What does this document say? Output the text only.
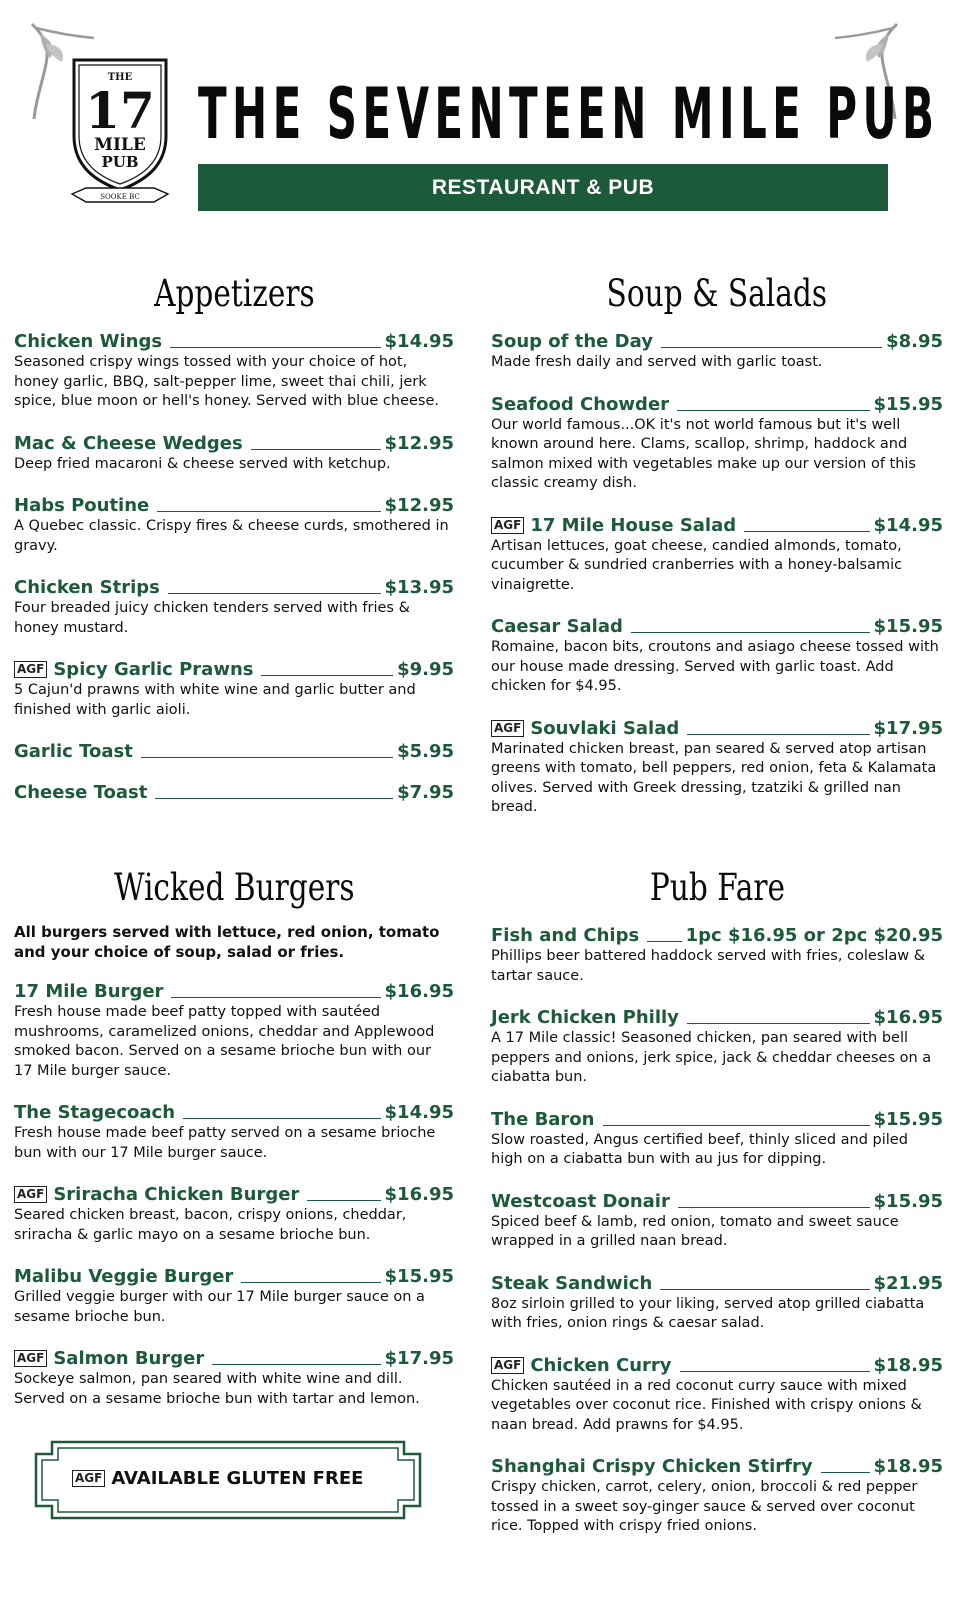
THE
17
MILE
PUB
SOOKE BC
THE SEVENTEEN MILE PUB
RESTAURANT & PUB
Appetizers
Chicken Wings	$14.95
Seasoned crispy wings tossed with your choice of hot, honey garlic, BBQ, salt-pepper lime, sweet thai chili, jerk spice, blue moon or hell's honey. Served with blue cheese.
Mac & Cheese Wedges	$12.95
Deep fried macaroni & cheese served with ketchup.
Habs Poutine	$12.95
A Quebec classic. Crispy fires & cheese curds, smothered in gravy.
Chicken Strips	$13.95
Four breaded juicy chicken tenders served with fries & honey mustard.
AGF Spicy Garlic Prawns	$9.95
5 Cajun'd prawns with white wine and garlic butter and finished with garlic aioli.
Garlic Toast	$5.95
Cheese Toast	$7.95
Soup & Salads
Soup of the Day	$8.95
Made fresh daily and served with garlic toast.
Seafood Chowder	$15.95
Our world famous...OK it's not world famous but it's well known around here. Clams, scallop, shrimp, haddock and salmon mixed with vegetables make up our version of this classic creamy dish.
AGF 17 Mile House Salad	$14.95
Artisan lettuces, goat cheese, candied almonds, tomato, cucumber & sundried cranberries with a honey-balsamic vinaigrette.
Caesar Salad	$15.95
Romaine, bacon bits, croutons and asiago cheese tossed with our house made dressing. Served with garlic toast. Add chicken for $4.95.
AGF Souvlaki Salad	$17.95
Marinated chicken breast, pan seared & served atop artisan greens with tomato, bell peppers, red onion, feta & Kalamata olives. Served with Greek dressing, tzatziki & grilled nan bread.
Wicked Burgers
All burgers served with lettuce, red onion, tomato and your choice of soup, salad or fries.
17 Mile Burger	$16.95
Fresh house made beef patty topped with sautéed mushrooms, caramelized onions, cheddar and Applewood smoked bacon. Served on a sesame brioche bun with our 17 Mile burger sauce.
The Stagecoach	$14.95
Fresh house made beef patty served on a sesame brioche bun with our 17 Mile burger sauce.
AGF Sriracha Chicken Burger	$16.95
Seared chicken breast, bacon, crispy onions, cheddar, sriracha & garlic mayo on a sesame brioche bun.
Malibu Veggie Burger	$15.95
Grilled veggie burger with our 17 Mile burger sauce on a sesame brioche bun.
AGF Salmon Burger	$17.95
Sockeye salmon, pan seared with white wine and dill. Served on a sesame brioche bun with tartar and lemon.
Pub Fare
Fish and Chips	1pc $16.95 or 2pc $20.95
Phillips beer battered haddock served with fries, coleslaw & tartar sauce.
Jerk Chicken Philly	$16.95
A 17 Mile classic! Seasoned chicken, pan seared with bell peppers and onions, jerk spice, jack & cheddar cheeses on a ciabatta bun.
The Baron	$15.95
Slow roasted, Angus certified beef, thinly sliced and piled high on a ciabatta bun with au jus for dipping.
Westcoast Donair	$15.95
Spiced beef & lamb, red onion, tomato and sweet sauce wrapped in a grilled naan bread.
Steak Sandwich	$21.95
8oz sirloin grilled to your liking, served atop grilled ciabatta with fries, onion rings & caesar salad.
AGF Chicken Curry	$18.95
Chicken sautéed in a red coconut curry sauce with mixed vegetables over coconut rice. Finished with crispy onions & naan bread. Add prawns for $4.95.
Shanghai Crispy Chicken Stirfry	$18.95
Crispy chicken, carrot, celery, onion, broccoli & red pepper tossed in a sweet soy-ginger sauce & served over coconut rice. Topped with crispy fried onions.
AGF AVAILABLE GLUTEN FREE
